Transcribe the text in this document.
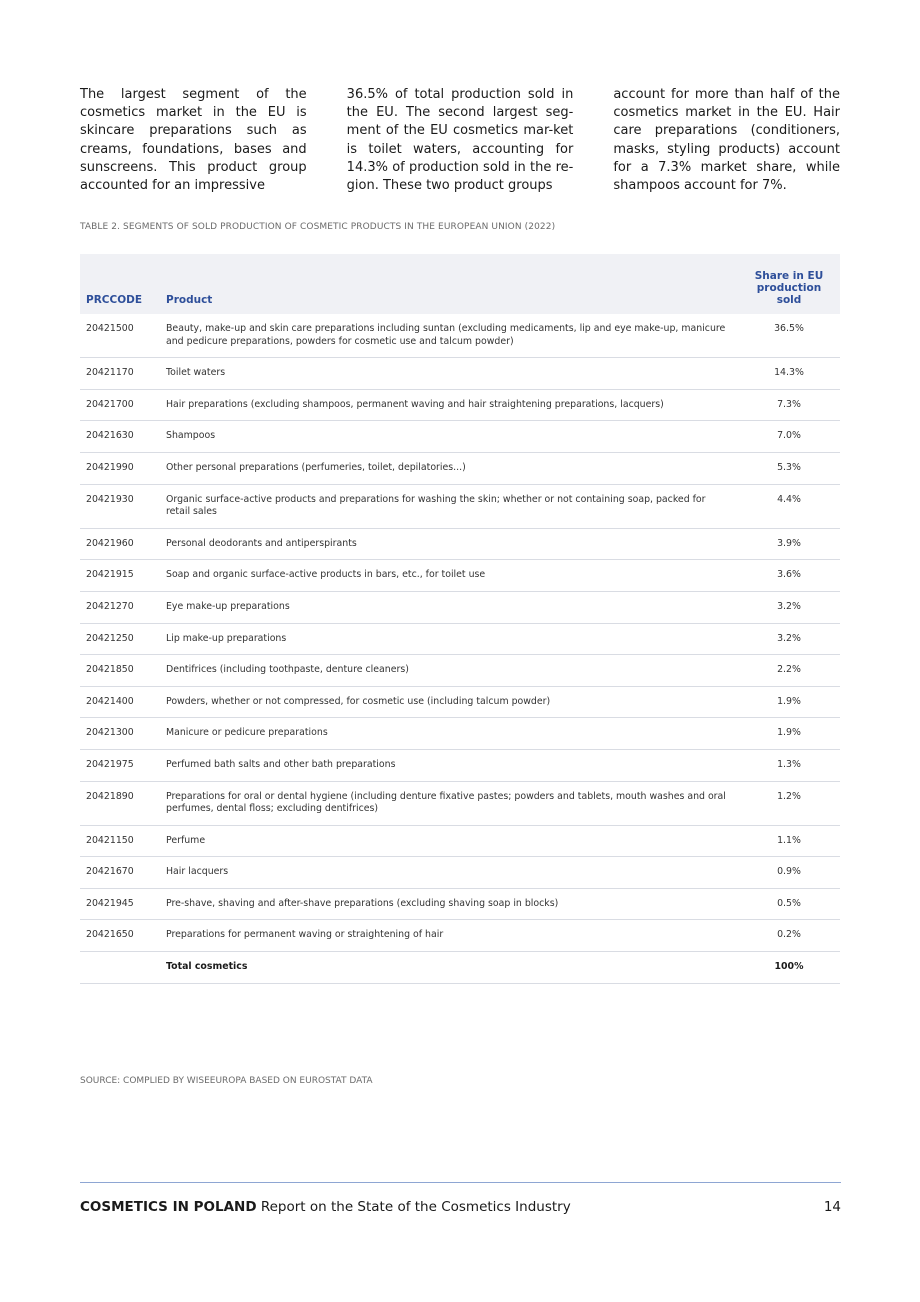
The largest segment of the cosmetics market in the EU is skincare preparations such as creams, foundations, bases and sunscreens. This product group accounted for an impressive

36.5% of total production sold in the EU. The second largest seg-ment of the EU cosmetics mar-ket is toilet waters, accounting for 14.3% of production sold in the re-gion. These two product groups

account for more than half of the cosmetics market in the EU. Hair care preparations (conditioners, masks, styling products) account for a 7.3% market share, while shampoos account for 7%.

TABLE 2. SEGMENTS OF SOLD PRODUCTION OF COSMETIC PRODUCTS IN THE EUROPEAN UNION (2022)
PRCCODE	Product	Share in EU production sold
20421500	Beauty, make-up and skin care preparations including suntan (excluding medicaments, lip and eye make-up, manicure and pedicure preparations, powders for cosmetic use and talcum powder)	36.5%
20421170	Toilet waters	14.3%
20421700	Hair preparations (excluding shampoos, permanent waving and hair straightening preparations, lacquers)	7.3%
20421630	Shampoos	7.0%
20421990	Other personal preparations (perfumeries, toilet, depilatories...)	5.3%
20421930	Organic surface-active products and preparations for washing the skin; whether or not containing soap, packed for retail sales	4.4%
20421960	Personal deodorants and antiperspirants	3.9%
20421915	Soap and organic surface-active products in bars, etc., for toilet use	3.6%
20421270	Eye make-up preparations	3.2%
20421250	Lip make-up preparations	3.2%
20421850	Dentifrices (including toothpaste, denture cleaners)	2.2%
20421400	Powders, whether or not compressed, for cosmetic use (including talcum powder)	1.9%
20421300	Manicure or pedicure preparations	1.9%
20421975	Perfumed bath salts and other bath preparations	1.3%
20421890	Preparations for oral or dental hygiene (including denture fixative pastes; powders and tablets, mouth washes and oral perfumes, dental floss; excluding dentifrices)	1.2%
20421150	Perfume	1.1%
20421670	Hair lacquers	0.9%
20421945	Pre-shave, shaving and after-shave preparations (excluding shaving soap in blocks)	0.5%
20421650	Preparations for permanent waving or straightening of hair	0.2%
	Total cosmetics	100%
SOURCE: COMPLIED BY WISEEUROPA BASED ON EUROSTAT DATA
COSMETICS IN POLAND Report on the State of the Cosmetics Industry	14
